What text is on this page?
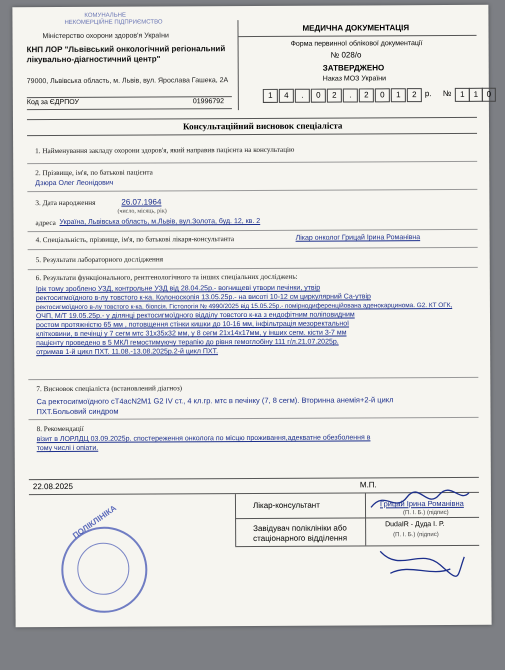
КОМУНАЛЬНЕ
НЕКОМЕРЦІЙНЕ ПІДПРИЄМСТВО
Міністерство охорони здоров'я України
КНП ЛОР "Львівський онкологічний регіональний лікувально-діагностичний центр"
79000, Львівська область, м. Львів, вул. Ярослава Гашека, 2А
Код за ЄДРПОУ	01996792
МЕДИЧНА ДОКУМЕНТАЦІЯ
Форма первинної облікової документації
№ 028/о
ЗАТВЕРДЖЕНО
Наказ МОЗ України
1	4	.	0	2	.	2	0	1	2	р. №	1	1	0
Консультаційний висновок спеціаліста
1. Найменування закладу охорони здоров'я, який направив пацієнта на консультацію
2. Прізвище, ім'я, по батькові пацієнта
Дзюра Олег Леонідович
3. Дата народження	26.07.1964
(число, місяць, рік)
адреса Україна, Львівська область, м.Львів, вул.Золота, буд. 12, кв. 2
4. Спеціальність, прізвище, ім'я, по батькові лікаря-консультанта	Лікар онколог Грицай Ірина Романівна
5. Результати лабораторного дослідження
6. Результати функціонального, рентгенологічного та інших спеціальних досліджень:
Ірік тому зроблено УЗД, контрольне УЗД від 28.04.25р.- вогнищеві утвори печінки, утвір
ректосигмоїдного в-лу товстого к-ка. Колоноскопія 13.05.25р.- на висоті 10-12 см циркулярний Са-утвір
ректосигмоїдного в-лу товстого к-ка. біопсія. Гістологія № 4990/2025 від 15.05.25р.- помірнодиференційована аденокарцинома. G2. КТ ОГК,
ОЧП, М/Т 19.05.25р.- у ділянці ректосигмоїдного відділу товстого к-ка з ендофітним поліповидним
ростом протяжністю 65 мм , потовщення стінки кишки до 10-16 мм, інфільтрація мезоректальної
клітковини, в печінці у 7 сегм мтс 31х35х32 мм, у 8 сегм 21х14х17мм, у інших сегм. кісти 3-7 мм
пацієнту проведено в 5 МКЛ гемостимуючу терапію до рівня гемоглобіну 111 г/л.21.07.2025р.
отримав 1-й цикл ПХТ. 11.08.-13.08.2025р.2-й цикл ПХТ.
7. Висновок спеціаліста (встановлений діагноз)
Са ректосигмоїдного сТ4асN2M1 G2 IV ст., 4 кл.гр. мтс в печінку (7, 8 сегм). Вторинна анемія+2-й цикл
ПХТ.Больовий синдром
8. Рекомендації
візит в ЛОРЛДЦ 03.09.2025р. спостереження онколога по місцю проживання,адекватне обезболення в
тому числі і опіати.
22.08.2025	М.П.
Лікар-консультант	Грицай Ірина Романівна
(П. І. Б.) (підпис)
Завідувач поліклініки або
стаціонарного відділення
DudaIR - Дуда І. Р.
(П. І. Б.) (підпис)
ПОЛІКЛІНІКА
